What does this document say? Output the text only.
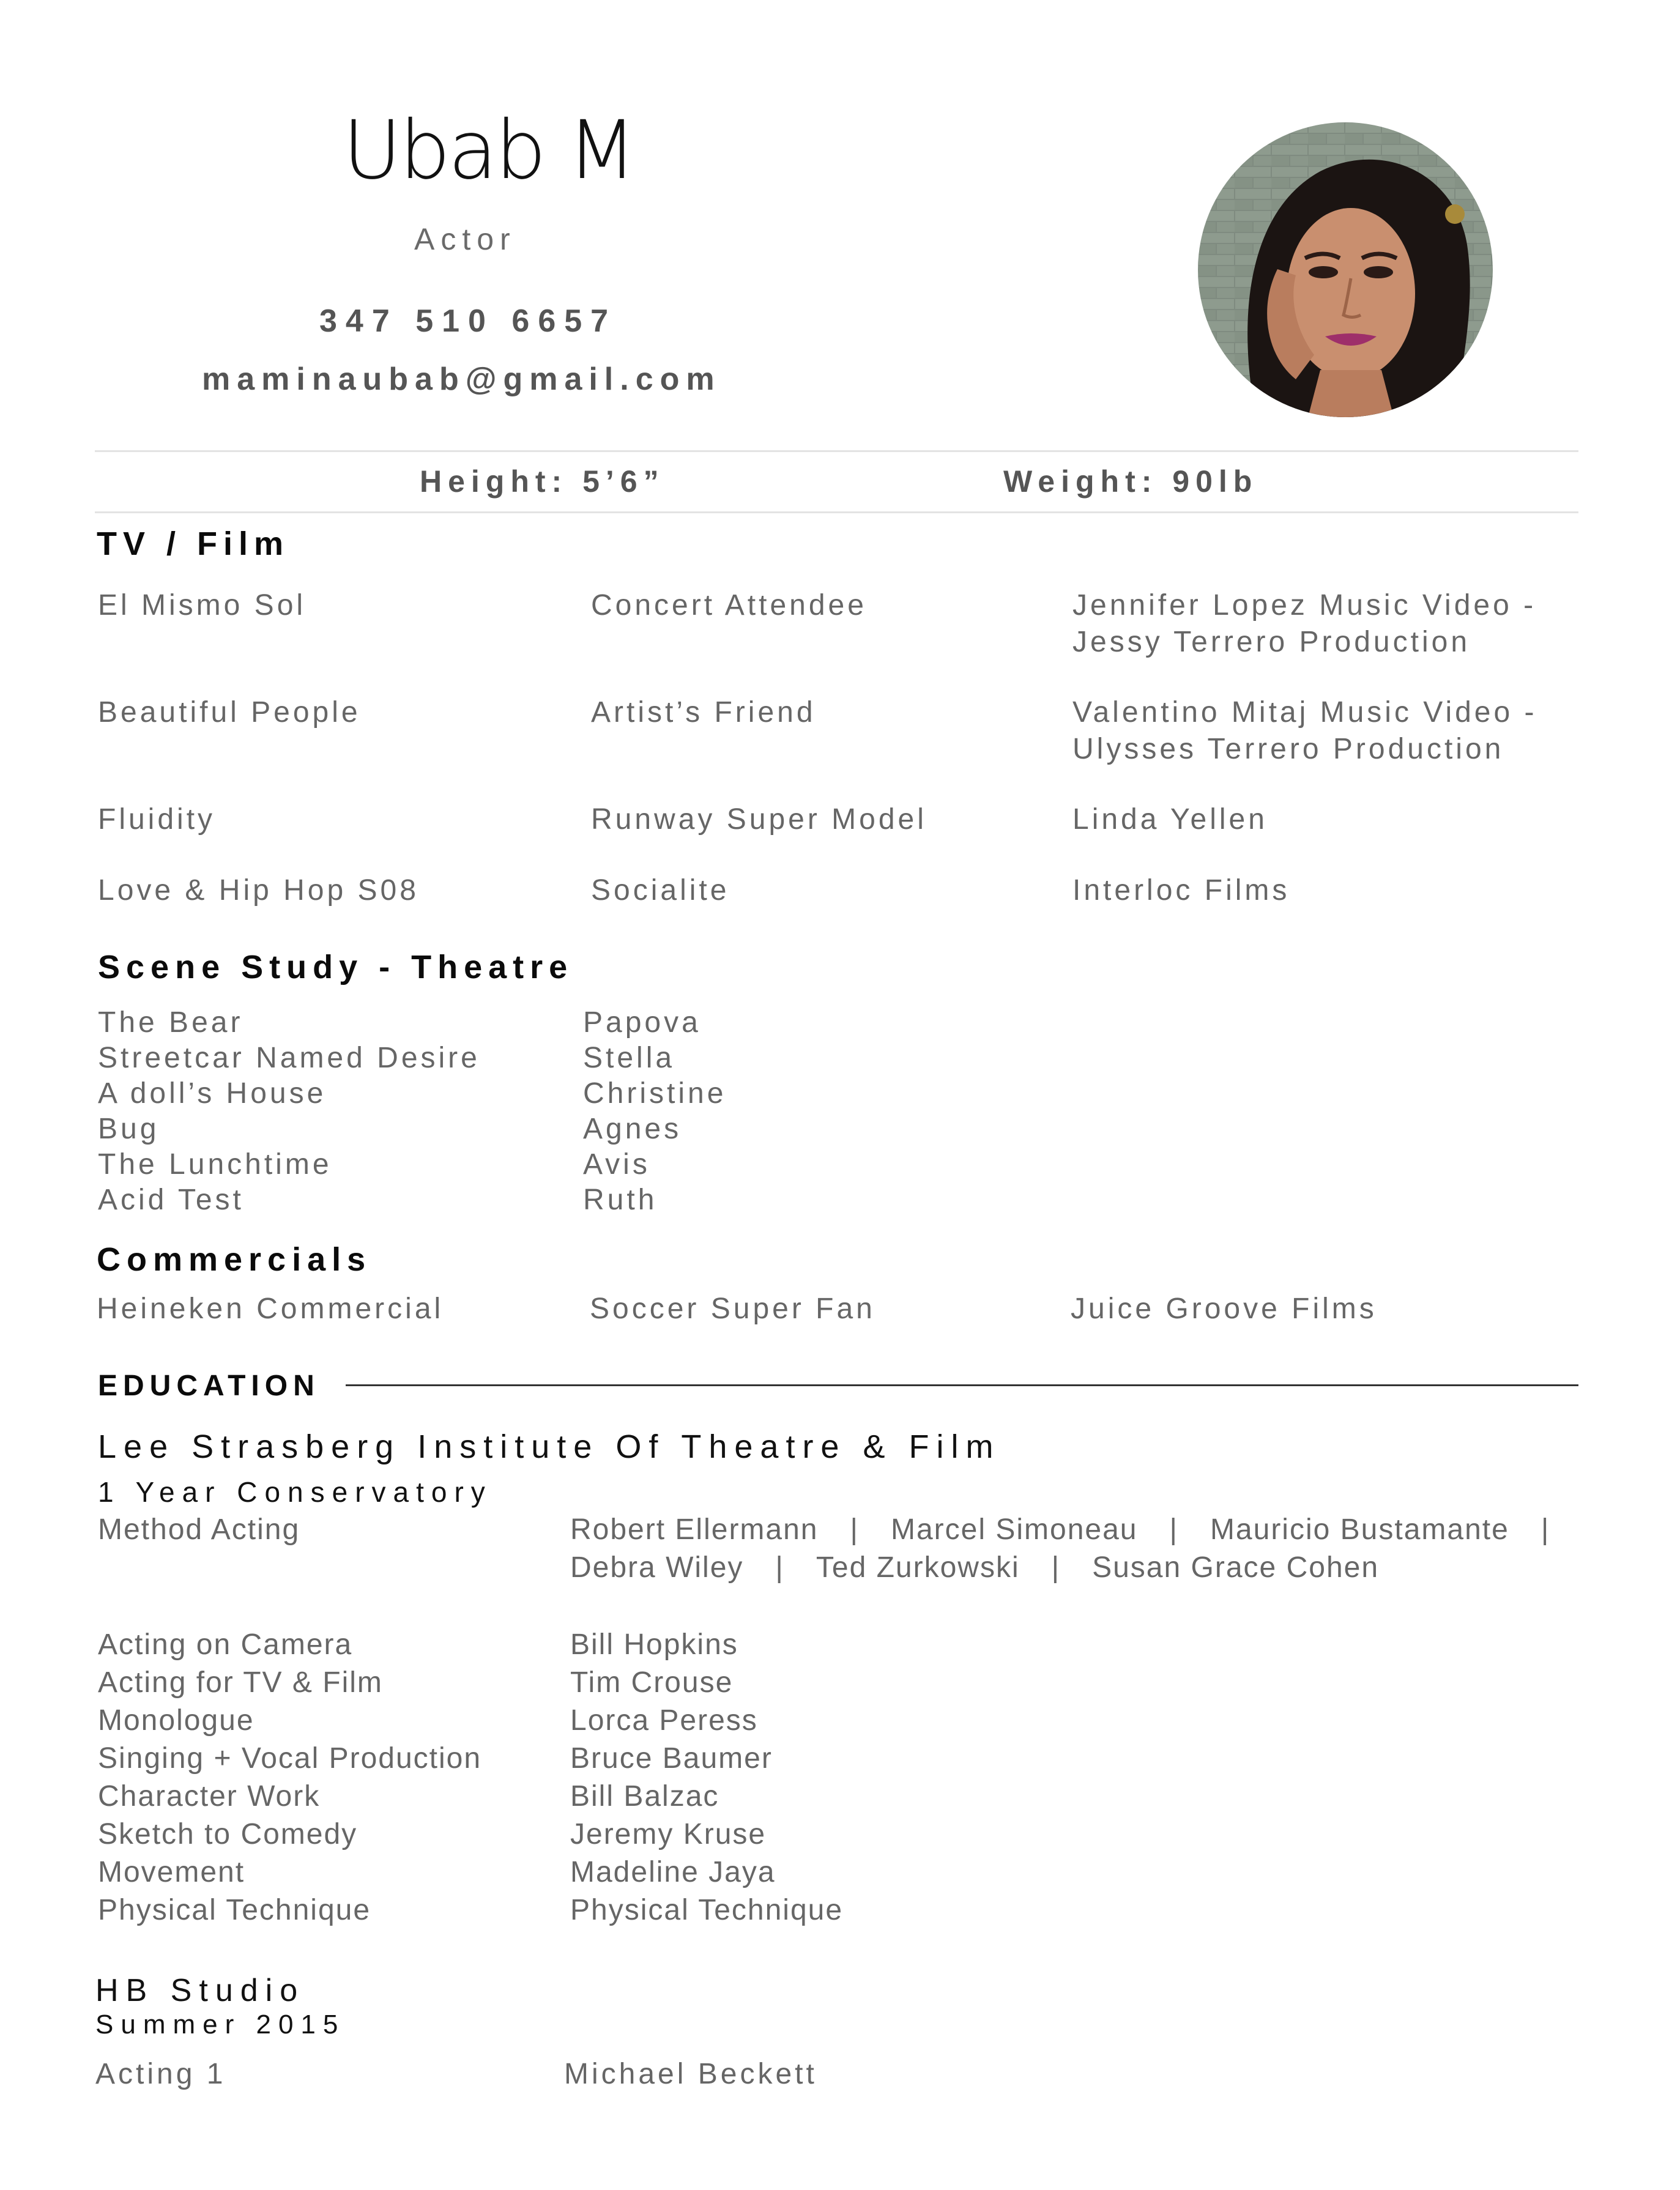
Ubab M
Actor
347 510 6657
maminaubab@gmail.com
Height: 5’6”	Weight: 90lb
TV / Film
El Mismo Sol	Concert Attendee	Jennifer Lopez Music Video - Jessy Terrero Production
Beautiful People	Artist’s Friend	Valentino Mitaj Music Video - Ulysses Terrero Production
Fluidity	Runway Super Model	Linda Yellen
Love & Hip Hop S08	Socialite	Interloc Films
Scene Study - Theatre
The Bear	Papova
Streetcar Named Desire	Stella
A doll’s House	Christine
Bug	Agnes
The Lunchtime	Avis
Acid Test	Ruth
Commercials
Heineken Commercial	Soccer Super Fan	Juice Groove Films
EDUCATION
Lee Strasberg Institute Of Theatre & Film
1 Year Conservatory
Method Acting	Robert Ellermann | Marcel Simoneau | Mauricio Bustamante |
Debra Wiley | Ted Zurkowski | Susan Grace Cohen
Acting on Camera	Bill Hopkins
Acting for TV & Film	Tim Crouse
Monologue	Lorca Peress
Singing + Vocal Production	Bruce Baumer
Character Work	Bill Balzac
Sketch to Comedy	Jeremy Kruse
Movement	Madeline Jaya
Physical Technique	Physical Technique
HB Studio
Summer 2015
Acting 1	Michael Beckett
